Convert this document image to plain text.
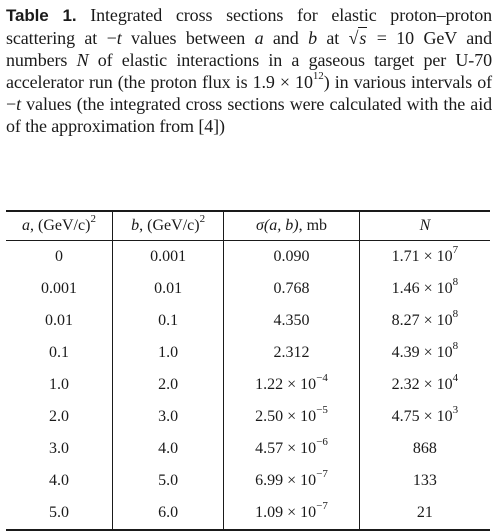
Table 1. Integrated cross sections for elastic proton–proton scattering at −t values between a and b at √s = 10 GeV and numbers N of elastic interactions in a gaseous target per U-70 accelerator run (the proton flux is $1.9 \times 10^{12}$) in various intervals of −t values (the integrated cross sections were calculated with the aid of the approximation from [4])
a, $(GeV/c)^2$	b, $(GeV/c)^2$	σ(a, b), mb	N
0	0.001	0.090	$1.71 \times 10^7$
0.001	0.01	0.768	$1.46 \times 10^8$
0.01	0.1	4.350	$8.27 \times 10^8$
0.1	1.0	2.312	$4.39 \times 10^8$
1.0	2.0	$1.22 \times 10^{-4}$	$2.32 \times 10^4$
2.0	3.0	$2.50 \times 10^{-5}$	$4.75 \times 10^3$
3.0	4.0	$4.57 \times 10^{-6}$	868
4.0	5.0	$6.99 \times 10^{-7}$	133
5.0	6.0	$1.09 \times 10^{-7}$	21
